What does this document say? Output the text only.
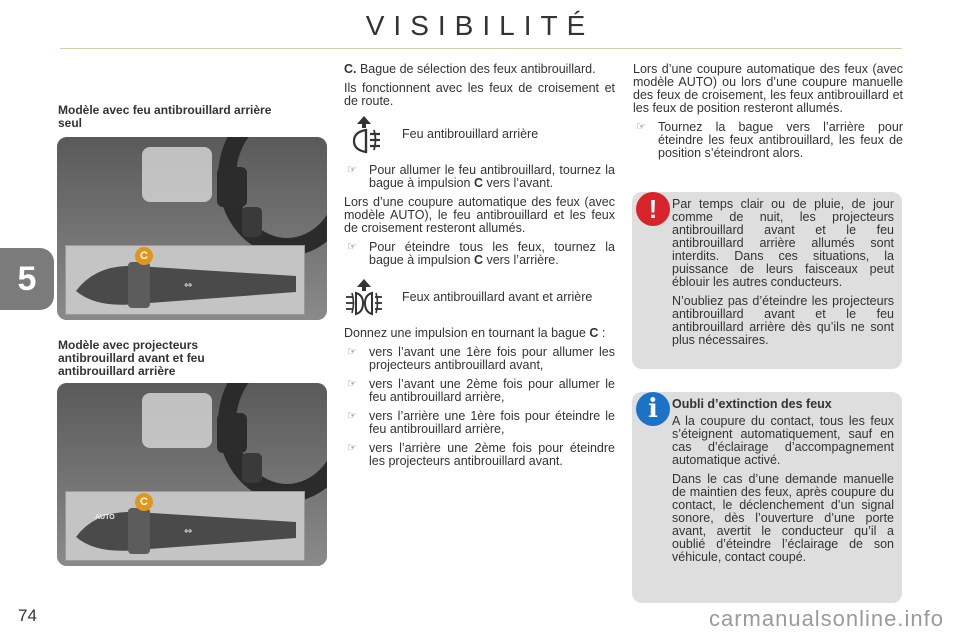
VISIBILITÉ
5
74
Modèle avec feu antibrouillard arrière seul
⇔
C
Modèle avec projecteurs antibrouillard avant et feu antibrouillard arrière
⇔
AUTO
C

C. Bague de sélection des feux antibrouillard.

Ils fonctionnent avec les feux de croisement et de route.

Feu antibrouillard arrière
☞ Pour allumer le feu antibrouillard, tournez la bague à impulsion C vers l’avant.

Lors d’une coupure automatique des feux (avec modèle AUTO), le feu antibrouillard et les feux de croisement resteront allumés.

☞ Pour éteindre tous les feux, tournez la bague à impulsion C vers l’arrière.
Feux antibrouillard avant et arrière

Donnez une impulsion en tournant la bague C :

☞ vers l’avant une 1ère fois pour allumer les projecteurs antibrouillard avant,
☞ vers l’avant une 2ème fois pour allumer le feu antibrouillard arrière,
☞ vers l’arrière une 1ère fois pour éteindre le feu antibrouillard arrière,
☞ vers l’arrière une 2ème fois pour éteindre les projecteurs antibrouillard avant.

Lors d’une coupure automatique des feux (avec modèle AUTO) ou lors d’une coupure manuelle des feux de croisement, les feux antibrouillard et les feux de position resteront allumés.

☞ Tournez la bague vers l’arrière pour éteindre les feux antibrouillard, les feux de position s’éteindront alors.
!	Par temps clair ou de pluie, de jour comme de nuit, les projecteurs antibrouillard avant et le feu antibrouillard arrière allumés sont interdits. Dans ces situations, la puissance de leurs faisceaux peut éblouir les autres conducteurs.

N’oubliez pas d’éteindre les projecteurs antibrouillard avant et le feu antibrouillard arrière dès qu’ils ne sont plus nécessaires.

i	Oubli d’extinction des feux

A la coupure du contact, tous les feux s’éteignent automatiquement, sauf en cas d’éclairage d’accompagnement automatique activé.

Dans le cas d’une demande manuelle de maintien des feux, après coupure du contact, le déclenchement d’un signal sonore, dès l’ouverture d’une porte avant, avertit le conducteur qu’il a oublié d’éteindre l’éclairage de son véhicule, contact coupé.

carmanualsonline.info
